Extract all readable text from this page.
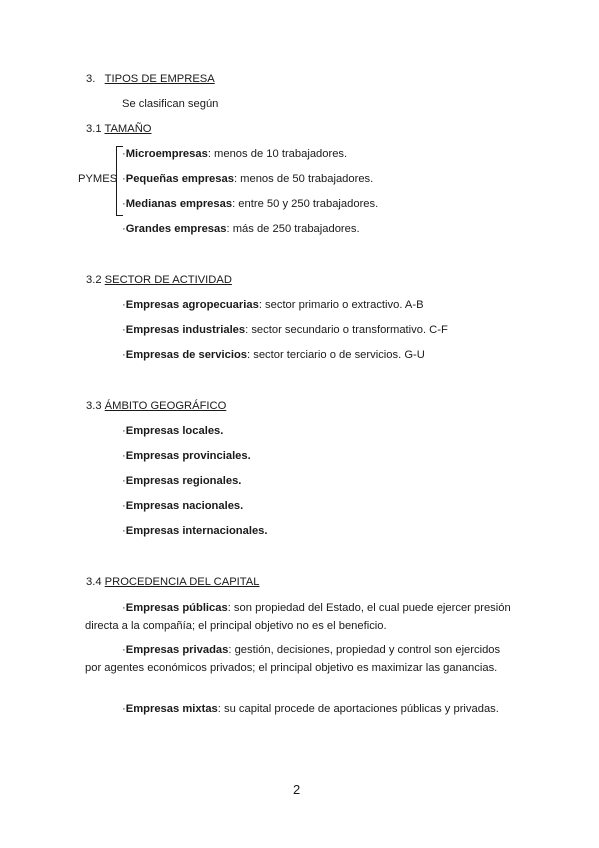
3. TIPOS DE EMPRESA
Se clasifican según
3.1 TAMAÑO
PYMES
·Microempresas: menos de 10 trabajadores.
·Pequeñas empresas: menos de 50 trabajadores.
·Medianas empresas: entre 50 y 250 trabajadores.
·Grandes empresas: más de 250 trabajadores.
3.2 SECTOR DE ACTIVIDAD
·Empresas agropecuarias: sector primario o extractivo. A-B
·Empresas industriales: sector secundario o transformativo. C-F
·Empresas de servicios: sector terciario o de servicios. G-U
3.3 ÁMBITO GEOGRÁFICO
·Empresas locales.
·Empresas provinciales.
·Empresas regionales.
·Empresas nacionales.
·Empresas internacionales.
3.4 PROCEDENCIA DEL CAPITAL
·Empresas públicas: son propiedad del Estado, el cual puede ejercer presión directa a la compañía; el principal objetivo no es el beneficio.
·Empresas privadas: gestión, decisiones, propiedad y control son ejercidos por agentes económicos privados; el principal objetivo es maximizar las ganancias.
·Empresas mixtas: su capital procede de aportaciones públicas y privadas.
2
